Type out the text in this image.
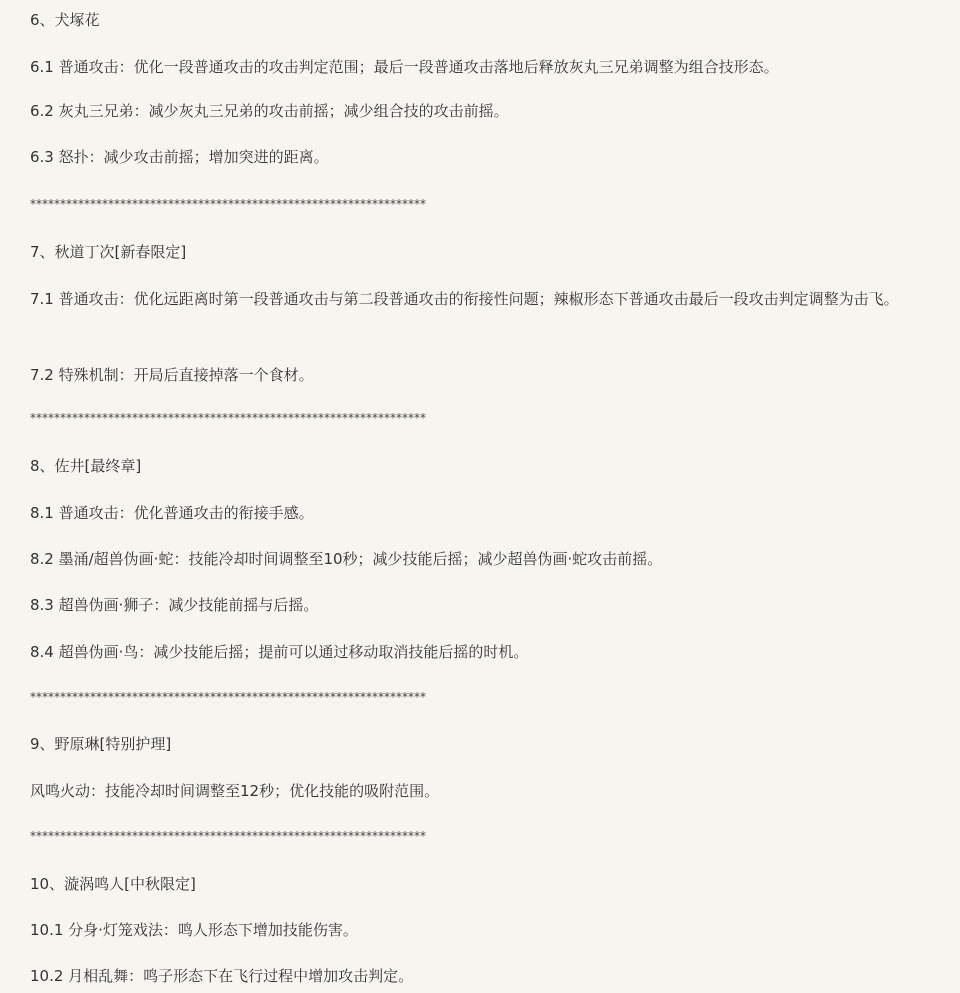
6、犬塚花
6.1 普通攻击：优化一段普通攻击的攻击判定范围；最后一段普通攻击落地后释放灰丸三兄弟调整为组合技形态。
6.2 灰丸三兄弟：减少灰丸三兄弟的攻击前摇；减少组合技的攻击前摇。
6.3 怒扑：减少攻击前摇；增加突进的距离。
******************************************************************
7、秋道丁次[新春限定]
7.1 普通攻击：优化远距离时第一段普通攻击与第二段普通攻击的衔接性问题；辣椒形态下普通攻击最后一段攻击判定调整为击飞。
7.2 特殊机制：开局后直接掉落一个食材。
******************************************************************
8、佐井[最终章]
8.1 普通攻击：优化普通攻击的衔接手感。
8.2 墨涌/超兽伪画·蛇：技能冷却时间调整至10秒；减少技能后摇；减少超兽伪画·蛇攻击前摇。
8.3 超兽伪画·狮子：减少技能前摇与后摇。
8.4 超兽伪画·鸟：减少技能后摇；提前可以通过移动取消技能后摇的时机。
******************************************************************
9、野原琳[特别护理]
风鸣火动：技能冷却时间调整至12秒；优化技能的吸附范围。
******************************************************************
10、漩涡鸣人[中秋限定]
10.1 分身·灯笼戏法：鸣人形态下增加技能伤害。
10.2 月相乱舞：鸣子形态下在飞行过程中增加攻击判定。
